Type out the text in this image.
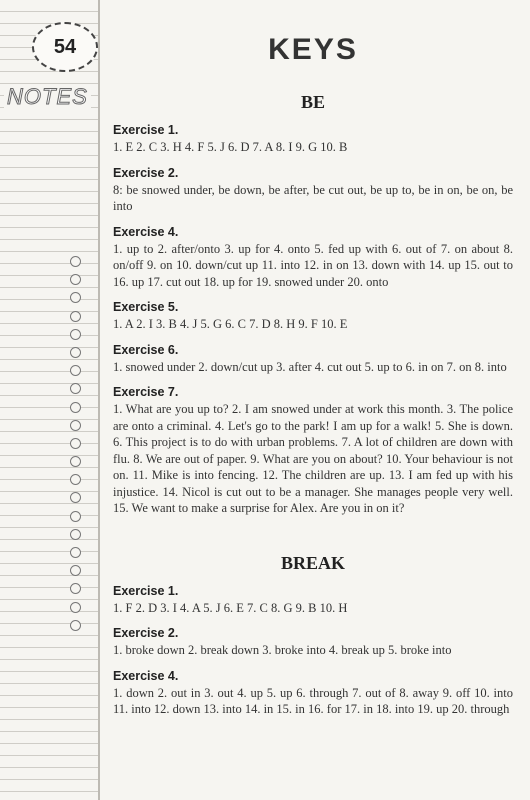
54
NOTES
KEYS
BE
Exercise 1.

1. E 2. C 3. H 4. F 5. J 6. D 7. A 8. I 9. G 10. B

Exercise 2.

8: be snowed under, be down, be after, be cut out, be up to, be in on, be on, be into

Exercise 4.

1. up to 2. after/onto 3. up for 4. onto 5. fed up with 6. out of 7. on about 8. on/off 9. on 10. down/cut up 11. into 12. in on 13. down with 14. up 15. out to 16. up 17. cut out 18. up for 19. snowed under 20. onto

Exercise 5.

1. A 2. I 3. B 4. J 5. G 6. C 7. D 8. H 9. F 10. E

Exercise 6.

1. snowed under 2. down/cut up 3. after 4. cut out 5. up to 6. in on 7. on 8. into

Exercise 7.

1. What are you up to? 2. I am snowed under at work this month. 3. The police are onto a criminal. 4. Let's go to the park! I am up for a walk! 5. She is down. 6. This project is to do with urban problems. 7. A lot of children are down with flu. 8. We are out of paper. 9. What are you on about? 10. Your behaviour is not on. 11. Mike is into fencing. 12. The children are up. 13. I am fed up with his injustice. 14. Nicol is cut out to be a manager. She manages people very well. 15. We want to make a surprise for Alex. Are you in on it?

BREAK
Exercise 1.

1. F 2. D 3. I 4. A 5. J 6. E 7. C 8. G 9. B 10. H

Exercise 2.

1. broke down 2. break down 3. broke into 4. break up 5. broke into

Exercise 4.

1. down 2. out in 3. out 4. up 5. up 6. through 7. out of 8. away 9. off 10. into 11. into 12. down 13. into 14. in 15. in 16. for 17. in 18. into 19. up 20. through
